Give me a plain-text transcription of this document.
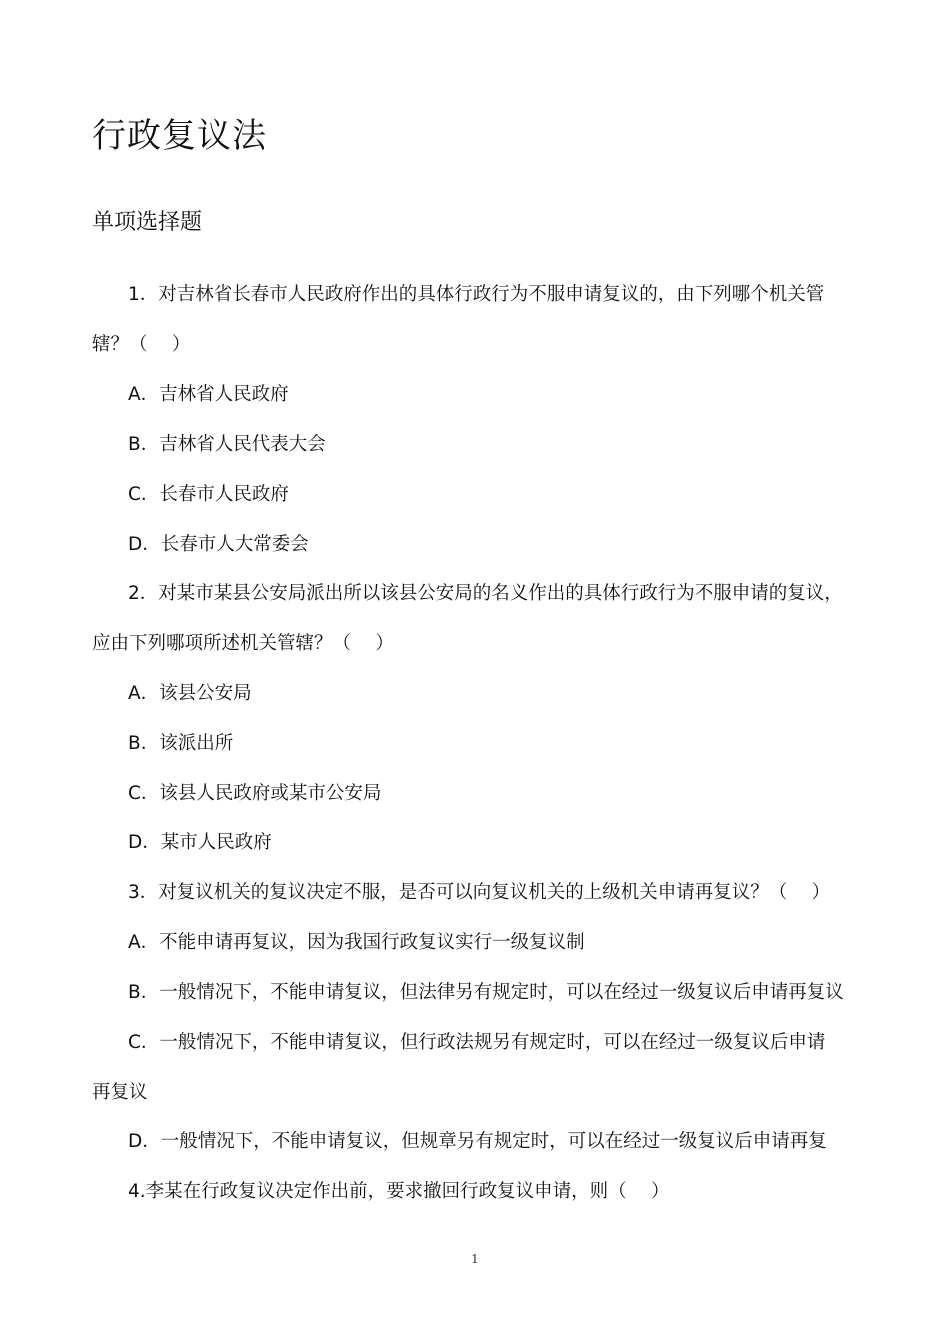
行政复议法
单项选择题
1．对吉林省长春市人民政府作出的具体行政行为不服申请复议的，由下列哪个机关管
辖？（　 ）
A．吉林省人民政府
B．吉林省人民代表大会
C．长春市人民政府
D．长春市人大常委会
2．对某市某县公安局派出所以该县公安局的名义作出的具体行政行为不服申请的复议，
应由下列哪项所述机关管辖？（　 ）
A．该县公安局
B．该派出所
C．该县人民政府或某市公安局
D．某市人民政府
3．对复议机关的复议决定不服，是否可以向复议机关的上级机关申请再复议？（　 ）
A．不能申请再复议，因为我国行政复议实行一级复议制
B．一般情况下，不能申请复议，但法律另有规定时，可以在经过一级复议后申请再复议
C．一般情况下，不能申请复议，但行政法规另有规定时，可以在经过一级复议后申请
再复议
D．一般情况下，不能申请复议，但规章另有规定时，可以在经过一级复议后申请再复
4.李某在行政复议决定作出前，要求撤回行政复议申请，则（　 ）
1
